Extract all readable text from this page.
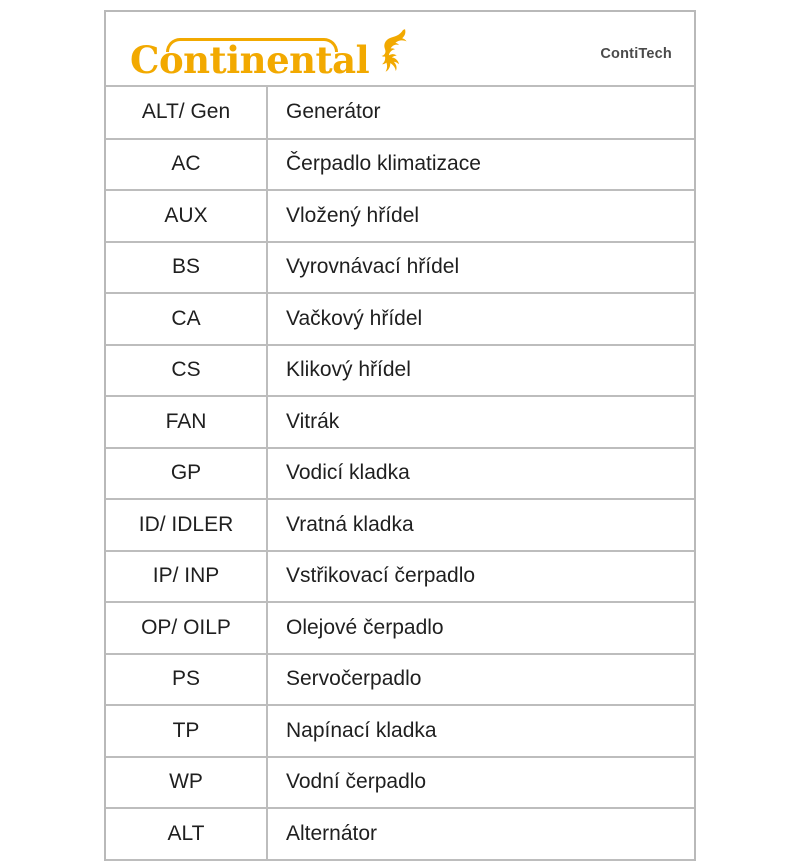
Continental	ContiTech
ALT/ Gen	Generátor
AC	Čerpadlo klimatizace
AUX	Vložený hřídel
BS	Vyrovnávací hřídel
CA	Vačkový hřídel
CS	Klikový hřídel
FAN	Vitrák
GP	Vodicí kladka
ID/ IDLER	Vratná kladka
IP/ INP	Vstřikovací čerpadlo
OP/ OILP	Olejové čerpadlo
PS	Servočerpadlo
TP	Napínací kladka
WP	Vodní čerpadlo
ALT	Alternátor
